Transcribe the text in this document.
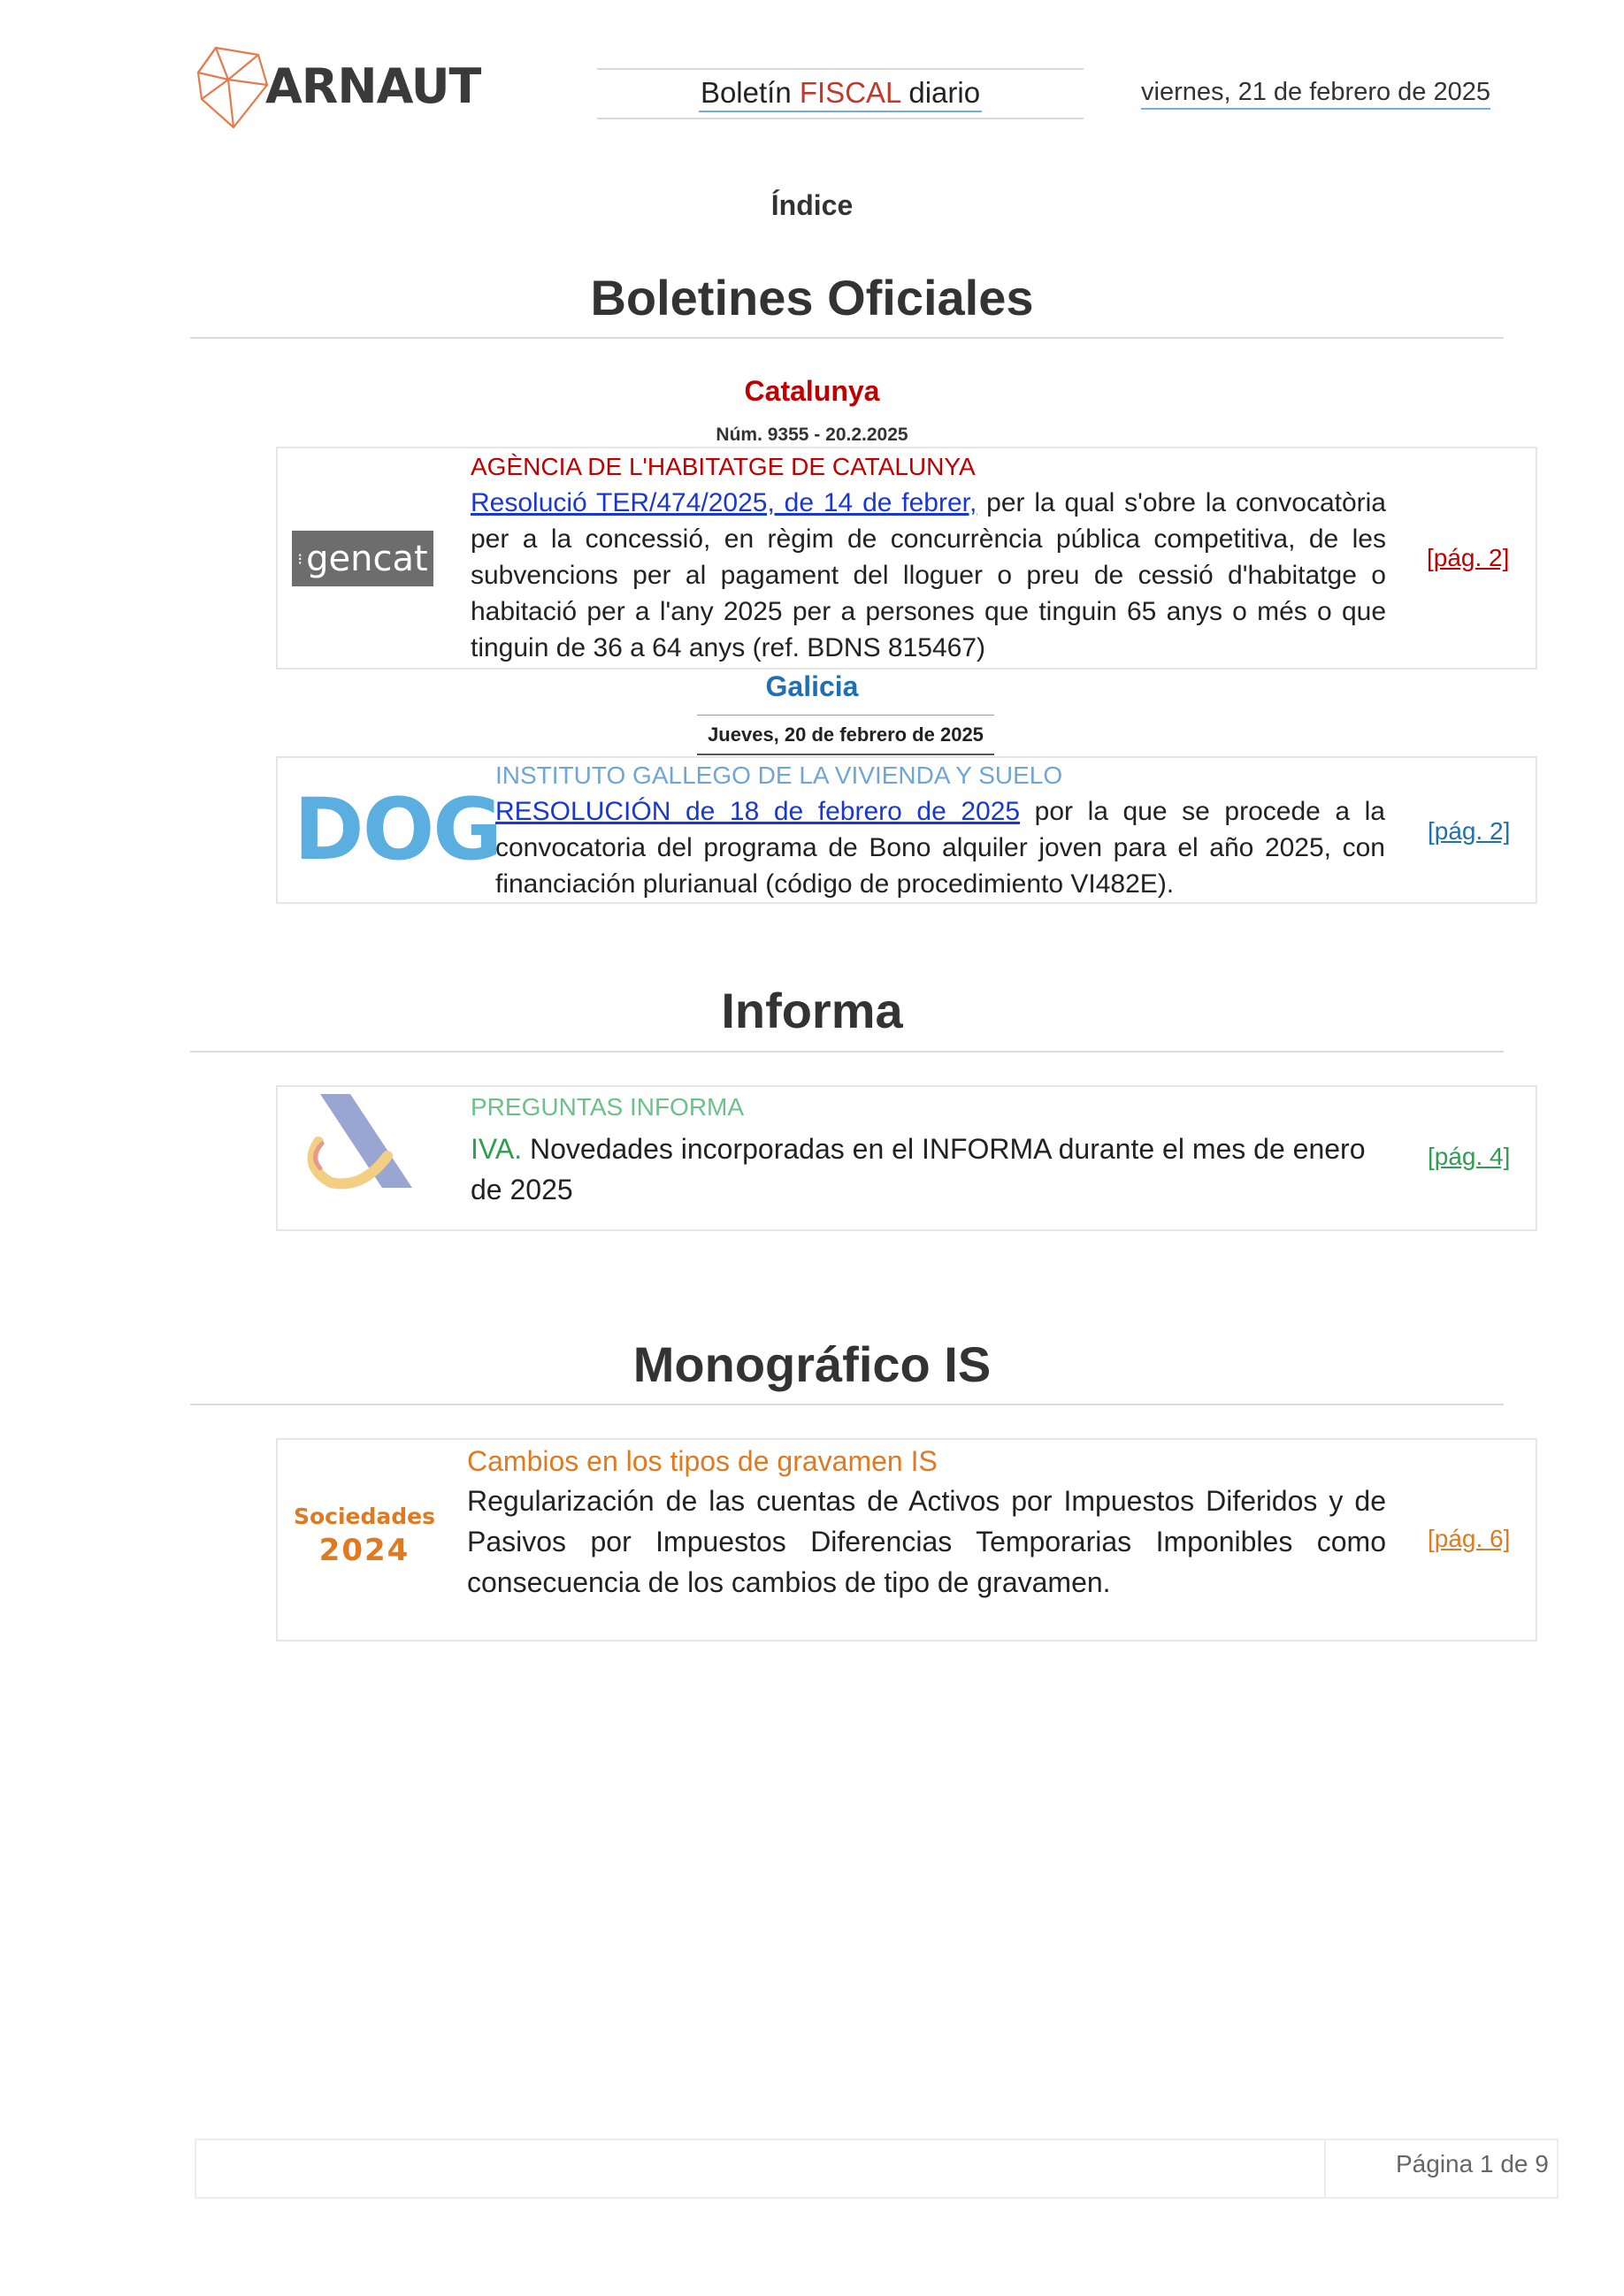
ARNAUT	Boletín FISCAL diario	viernes, 21 de febrero de 2025
Índice
Boletines Oficiales
Catalunya
Núm. 9355 - 20.2.2025
⁝ gencat
AGÈNCIA DE L'HABITATGE DE CATALUNYA
Resolució TER/474/2025, de 14 de febrer, per la qual s'obre la convocatòria per a la concessió, en règim de concurrència pública competitiva, de les subvencions per al pagament del lloguer o preu de cessió d'habitatge o habitació per a l'any 2025 per a persones que tinguin 65 anys o més o que tinguin de 36 a 64 anys (ref. BDNS 815467)
[pág. 2]
Galicia
Jueves, 20 de febrero de 2025
DOG
INSTITUTO GALLEGO DE LA VIVIENDA Y SUELO
RESOLUCIÓN de 18 de febrero de 2025 por la que se procede a la convocatoria del programa de Bono alquiler joven para el año 2025, con financiación plurianual (código de procedimiento VI482E).
[pág. 2]
Informa
PREGUNTAS INFORMA
IVA. Novedades incorporadas en el INFORMA durante el mes de enero de 2025
[pág. 4]
Monográfico IS
Sociedades
2024
Cambios en los tipos de gravamen IS
Regularización de las cuentas de Activos por Impuestos Diferidos y de Pasivos por Impuestos Diferencias Temporarias Imponibles como consecuencia de los cambios de tipo de gravamen.
[pág. 6]
Página 1 de 9
